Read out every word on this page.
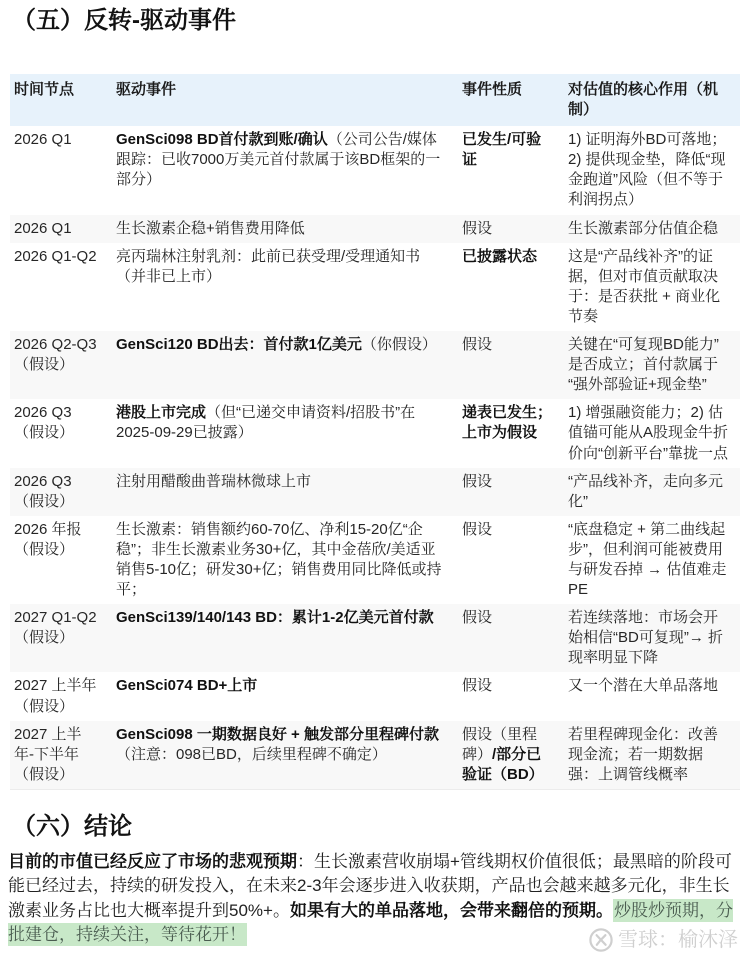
（五）反转-驱动事件
时间节点	驱动事件	事件性质	对估值的核心作用（机制）
2026 Q1	GenSci098 BD首付款到账/确认（公司公告/媒体跟踪：已收7000万美元首付款属于该BD框架的一部分）	已发生/可验证	1) 证明海外BD可落地；2) 提供现金垫，降低“现金跑道”风险（但不等于利润拐点）
2026 Q1	生长激素企稳+销售费用降低	假设	生长激素部分估值企稳
2026 Q1-Q2	亮丙瑞林注射乳剂：此前已获受理/受理通知书（并非已上市）	已披露状态	这是“产品线补齐”的证据，但对市值贡献取决于：是否获批 + 商业化节奏
2026 Q2-Q3（假设）	GenSci120 BD出去：首付款1亿美元（你假设）	假设	关键在“可复现BD能力”是否成立；首付款属于“强外部验证+现金垫”
2026 Q3（假设）	港股上市完成（但“已递交申请资料/招股书”在2025-09-29已披露）	递表已发生；上市为假设	1) 增强融资能力；2) 估值锚可能从A股现金牛折价向“创新平台”靠拢一点
2026 Q3（假设）	注射用醋酸曲普瑞林微球上市	假设	“产品线补齐，走向多元化”
2026 年报（假设）	生长激素：销售额约60-70亿、净利15-20亿“企稳”；非生长激素业务30+亿，其中金蓓欣/美适亚销售5-10亿；研发30+亿；销售费用同比降低或持平；	假设	“底盘稳定 + 第二曲线起步”，但利润可能被费用与研发吞掉 → 估值难走PE
2027 Q1-Q2（假设）	GenSci139/140/143 BD：累计1-2亿美元首付款	假设	若连续落地：市场会开始相信“BD可复现”→ 折现率明显下降
2027 上半年（假设）	GenSci074 BD+上市	假设	又一个潜在大单品落地
2027 上半年-下半年（假设）	GenSci098 一期数据良好 + 触发部分里程碑付款（注意：098已BD，后续里程碑不确定）	假设（里程碑）/部分已验证（BD）	若里程碑现金化：改善现金流；若一期数据强：上调管线概率
（六）结论

目前的市值已经反应了市场的悲观预期：生长激素营收崩塌+管线期权价值很低；最黑暗的阶段可能已经过去，持续的研发投入，在未来2-3年会逐步进入收获期，产品也会越来越多元化，非生长激素业务占比也大概率提升到50%+。如果有大的单品落地，会带来翻倍的预期。炒股炒预期，分批建仓，持续关注，等待花开！	雪球：榆沐泽
